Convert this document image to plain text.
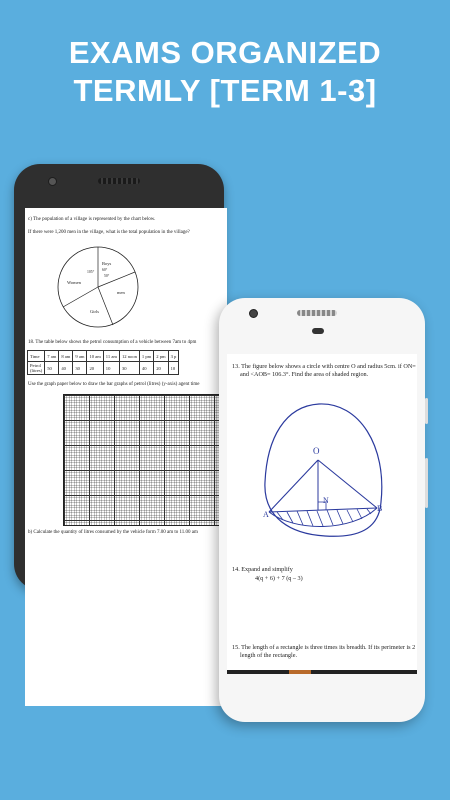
EXAMS ORGANIZED
TERMLY [TERM 1-3]
c) The population of a village is represented by the chart below.
If there were 1,200 men in the village, what is the total population in the village?
Boys
60°
50°
105°
Women
men
Girls
18. The table below shows the petrol consumption of a vehicle between 7am to 4pm
Time	7 am	8 am	9 am	10 am	11 am	12 noon	1 pm	2 pm	3 p

Petrol
(litres)	50	40	30	20	10	30	40	20	10
Use the graph paper below to draw the bar graphs of petrol (litres) (y-axis) agent time
b) Calculate the quantity of litres consumed by the vehicle form 7.00 am to 11.00 am
13. The figure below shows a circle with centre O and radius 5cm. if ON=
and <AOB= 106.3°. Find the area of shaded region.
O
N
A
B
14. Expand and simplify
4(q + 6) + 7 (q – 3)
15. The length of a rectangle is three times its breadth. If its perimeter is 2
length of the rectangle.
